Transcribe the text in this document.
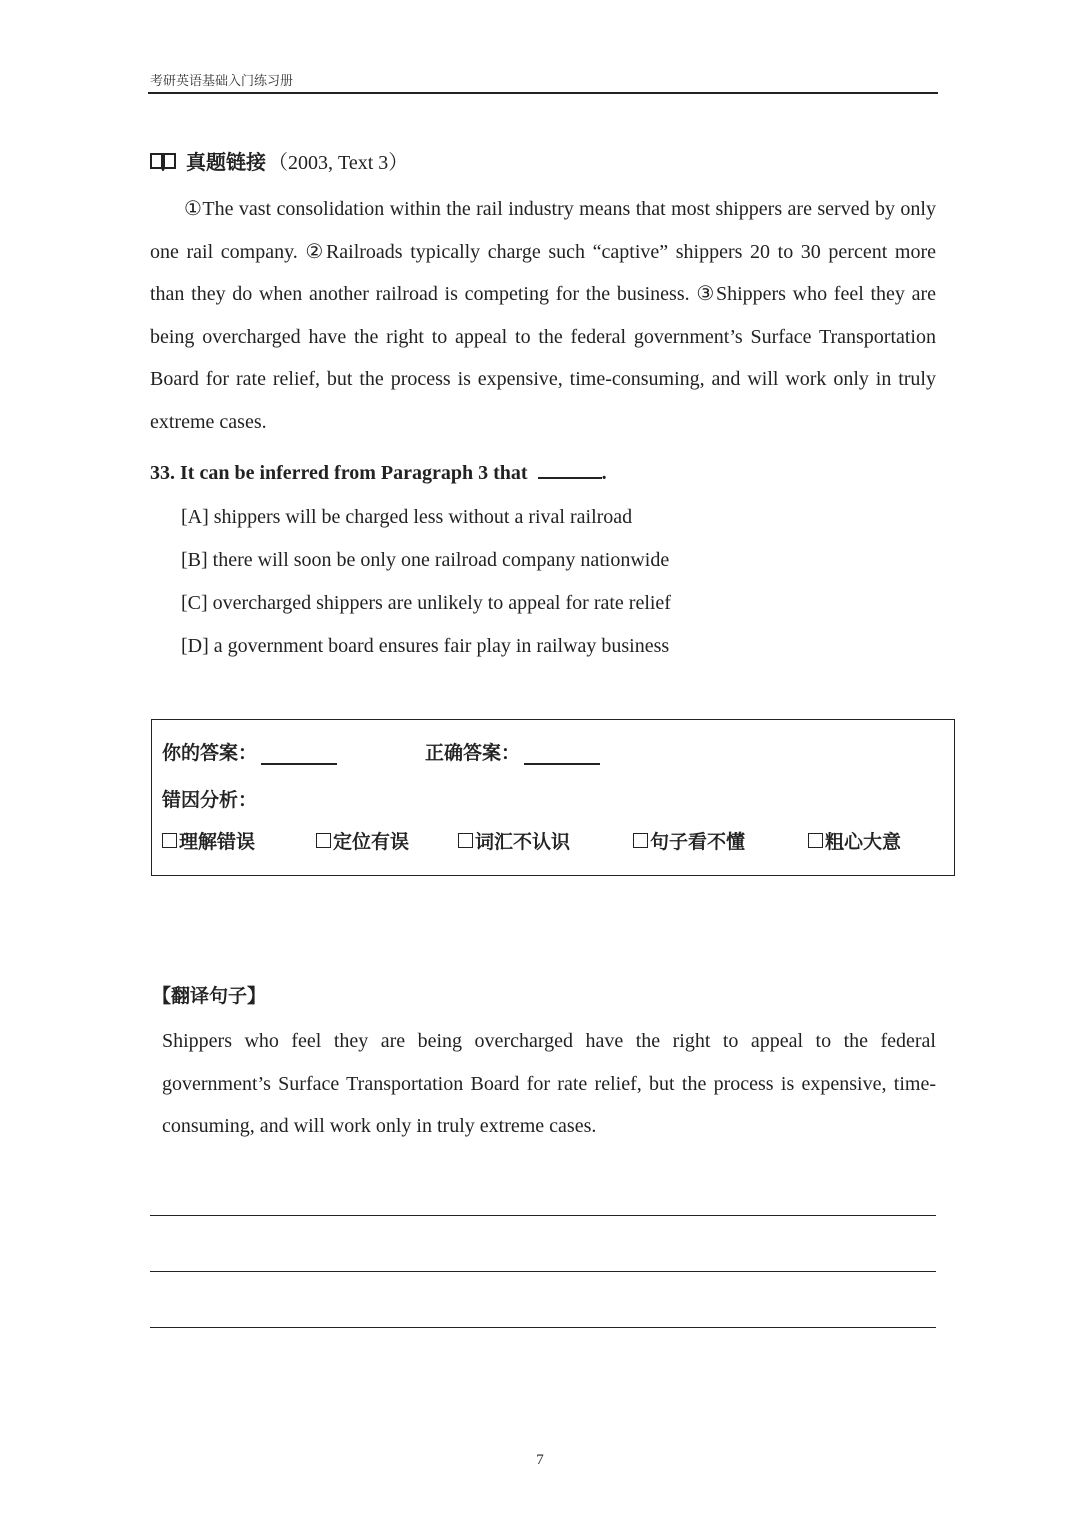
考研英语基础入门练习册
真题链接 （2003, Text 3）

①The vast consolidation within the rail industry means that most shippers are served by only one rail company. ②Railroads typically charge such “captive” shippers 20 to 30 percent more than they do when another railroad is competing for the business. ③Shippers who feel they are being overcharged have the right to appeal to the federal government’s Surface Transportation Board for rate relief, but the process is expensive, time-consuming, and will work only in truly extreme cases.

33. It can be inferred from Paragraph 3 that	.
[A] shippers will be charged less without a rival railroad
[B] there will soon be only one railroad company nationwide
[C] overcharged shippers are unlikely to appeal for rate relief
[D] a government board ensures fair play in railway business
你的答案：	正确答案：
错因分析：
理解错误	定位有误	词汇不认识	句子看不懂	粗心大意
【翻译句子】

Shippers who feel they are being overcharged have the right to appeal to the federal government’s Surface Transportation Board for rate relief, but the process is expensive, time-consuming, and will work only in truly extreme cases.

7
